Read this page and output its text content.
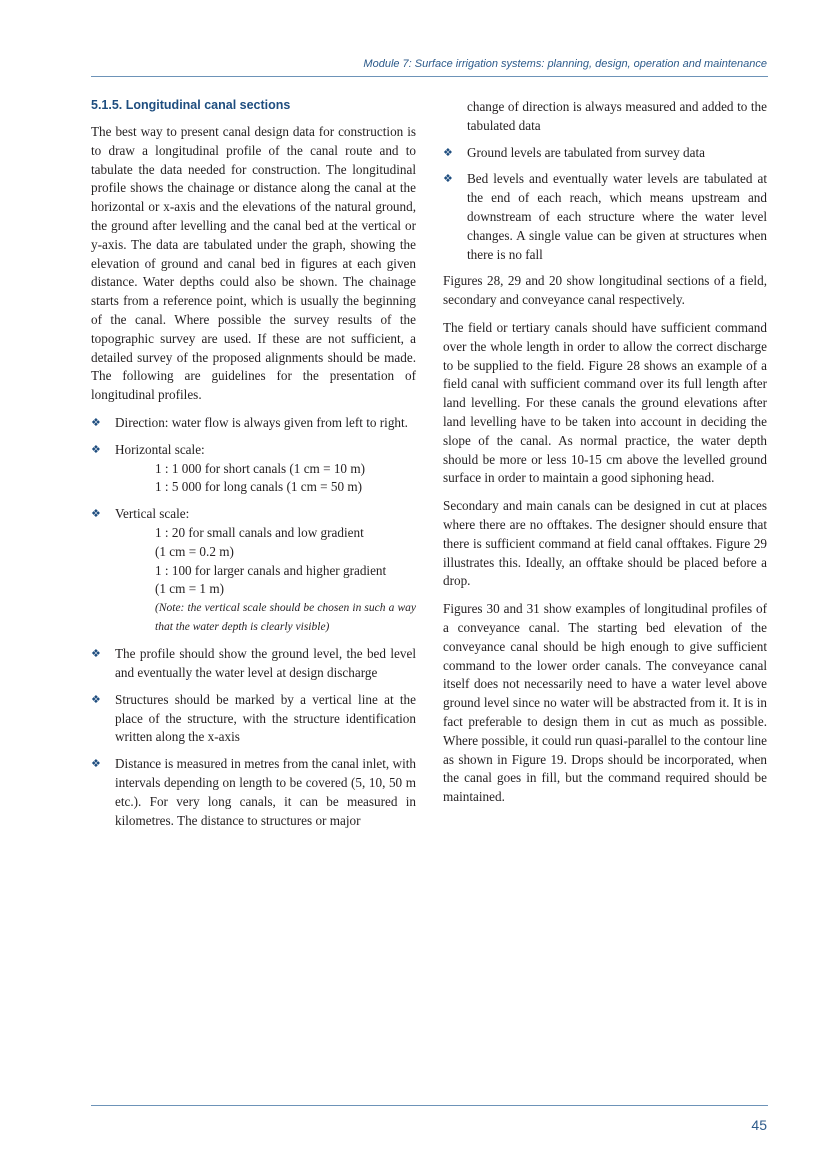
Module 7: Surface irrigation systems: planning, design, operation and maintenance
5.1.5. Longitudinal canal sections

The best way to present canal design data for construction is to draw a longitudinal profile of the canal route and to tabulate the data needed for construction. The longitudinal profile shows the chainage or distance along the canal at the horizontal or x-axis and the elevations of the natural ground, the ground after levelling and the canal bed at the vertical or y-axis. The data are tabulated under the graph, showing the elevation of ground and canal bed in figures at each given distance. Water depths could also be shown. The chainage starts from a reference point, which is usually the beginning of the canal. Where possible the survey results of the topographic survey are used. If these are not sufficient, a detailed survey of the proposed alignments should be made. The following are guidelines for the presentation of longitudinal profiles.

❖ Direction: water flow is always given from left to right.
❖ Horizontal scale:
1 : 1 000 for short canals (1 cm = 10 m)
1 : 5 000 for long canals (1 cm = 50 m)
❖ Vertical scale:
1 : 20 for small canals and low gradient
(1 cm = 0.2 m)
1 : 100 for larger canals and higher gradient
(1 cm = 1 m)
(Note: the vertical scale should be chosen in such a way that the water depth is clearly visible)
❖ The profile should show the ground level, the bed level and eventually the water level at design discharge
❖ Structures should be marked by a vertical line at the place of the structure, with the structure identification written along the x-axis
❖ Distance is measured in metres from the canal inlet, with intervals depending on length to be covered (5, 10, 50 m etc.). For very long canals, it can be measured in kilometres. The distance to structures or major
change of direction is always measured and added to the tabulated data
❖ Ground levels are tabulated from survey data
❖ Bed levels and eventually water levels are tabulated at the end of each reach, which means upstream and downstream of each structure where the water level changes. A single value can be given at structures when there is no fall

Figures 28, 29 and 20 show longitudinal sections of a field, secondary and conveyance canal respectively.

The field or tertiary canals should have sufficient command over the whole length in order to allow the correct discharge to be supplied to the field. Figure 28 shows an example of a field canal with sufficient command over its full length after land levelling. For these canals the ground elevations after land levelling have to be taken into account in deciding the slope of the canal. As normal practice, the water depth should be more or less 10-15 cm above the levelled ground surface in order to maintain a good siphoning head.

Secondary and main canals can be designed in cut at places where there are no offtakes. The designer should ensure that there is sufficient command at field canal offtakes. Figure 29 illustrates this. Ideally, an offtake should be placed before a drop.

Figures 30 and 31 show examples of longitudinal profiles of a conveyance canal. The starting bed elevation of the conveyance canal should be high enough to give sufficient command to the lower order canals. The conveyance canal itself does not necessarily need to have a water level above ground level since no water will be abstracted from it. It is in fact preferable to design them in cut as much as possible. Where possible, it could run quasi-parallel to the contour line as shown in Figure 19. Drops should be incorporated, when the canal goes in fill, but the command required should be maintained.

45
